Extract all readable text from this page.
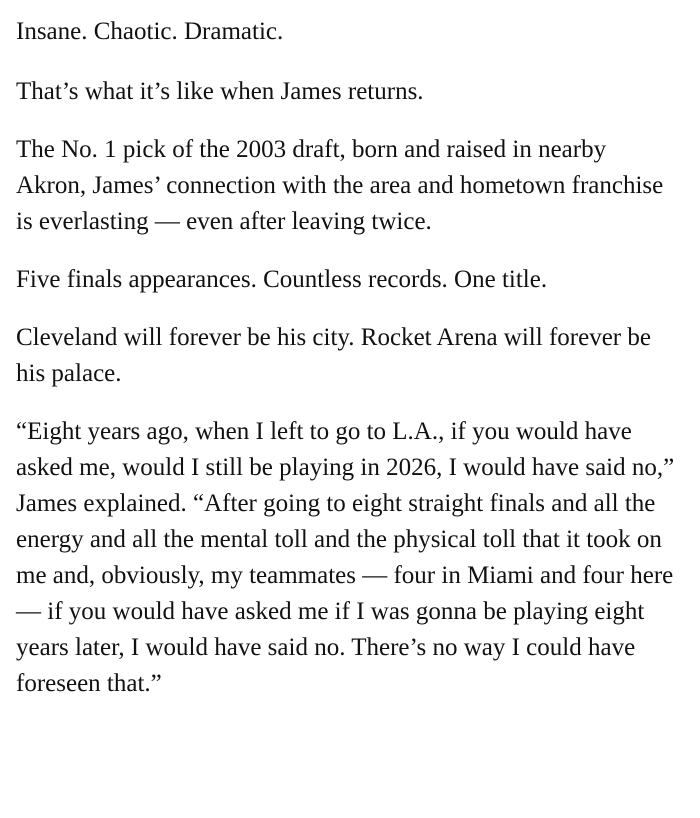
Insane. Chaotic. Dramatic.

That’s what it’s like when James returns.

The No. 1 pick of the 2003 draft, born and raised in nearby Akron, James’ connection with the area and hometown franchise is everlasting — even after leaving twice.

Five finals appearances. Countless records. One title.

Cleveland will forever be his city. Rocket Arena will forever be his palace.

“Eight years ago, when I left to go to L.A., if you would have asked me, would I still be playing in 2026, I would have said no,” James explained. “After going to eight straight finals and all the energy and all the mental toll and the physical toll that it took on me and, obviously, my teammates — four in Miami and four here — if you would have asked me if I was gonna be playing eight years later, I would have said no. There’s no way I could have foreseen that.”
